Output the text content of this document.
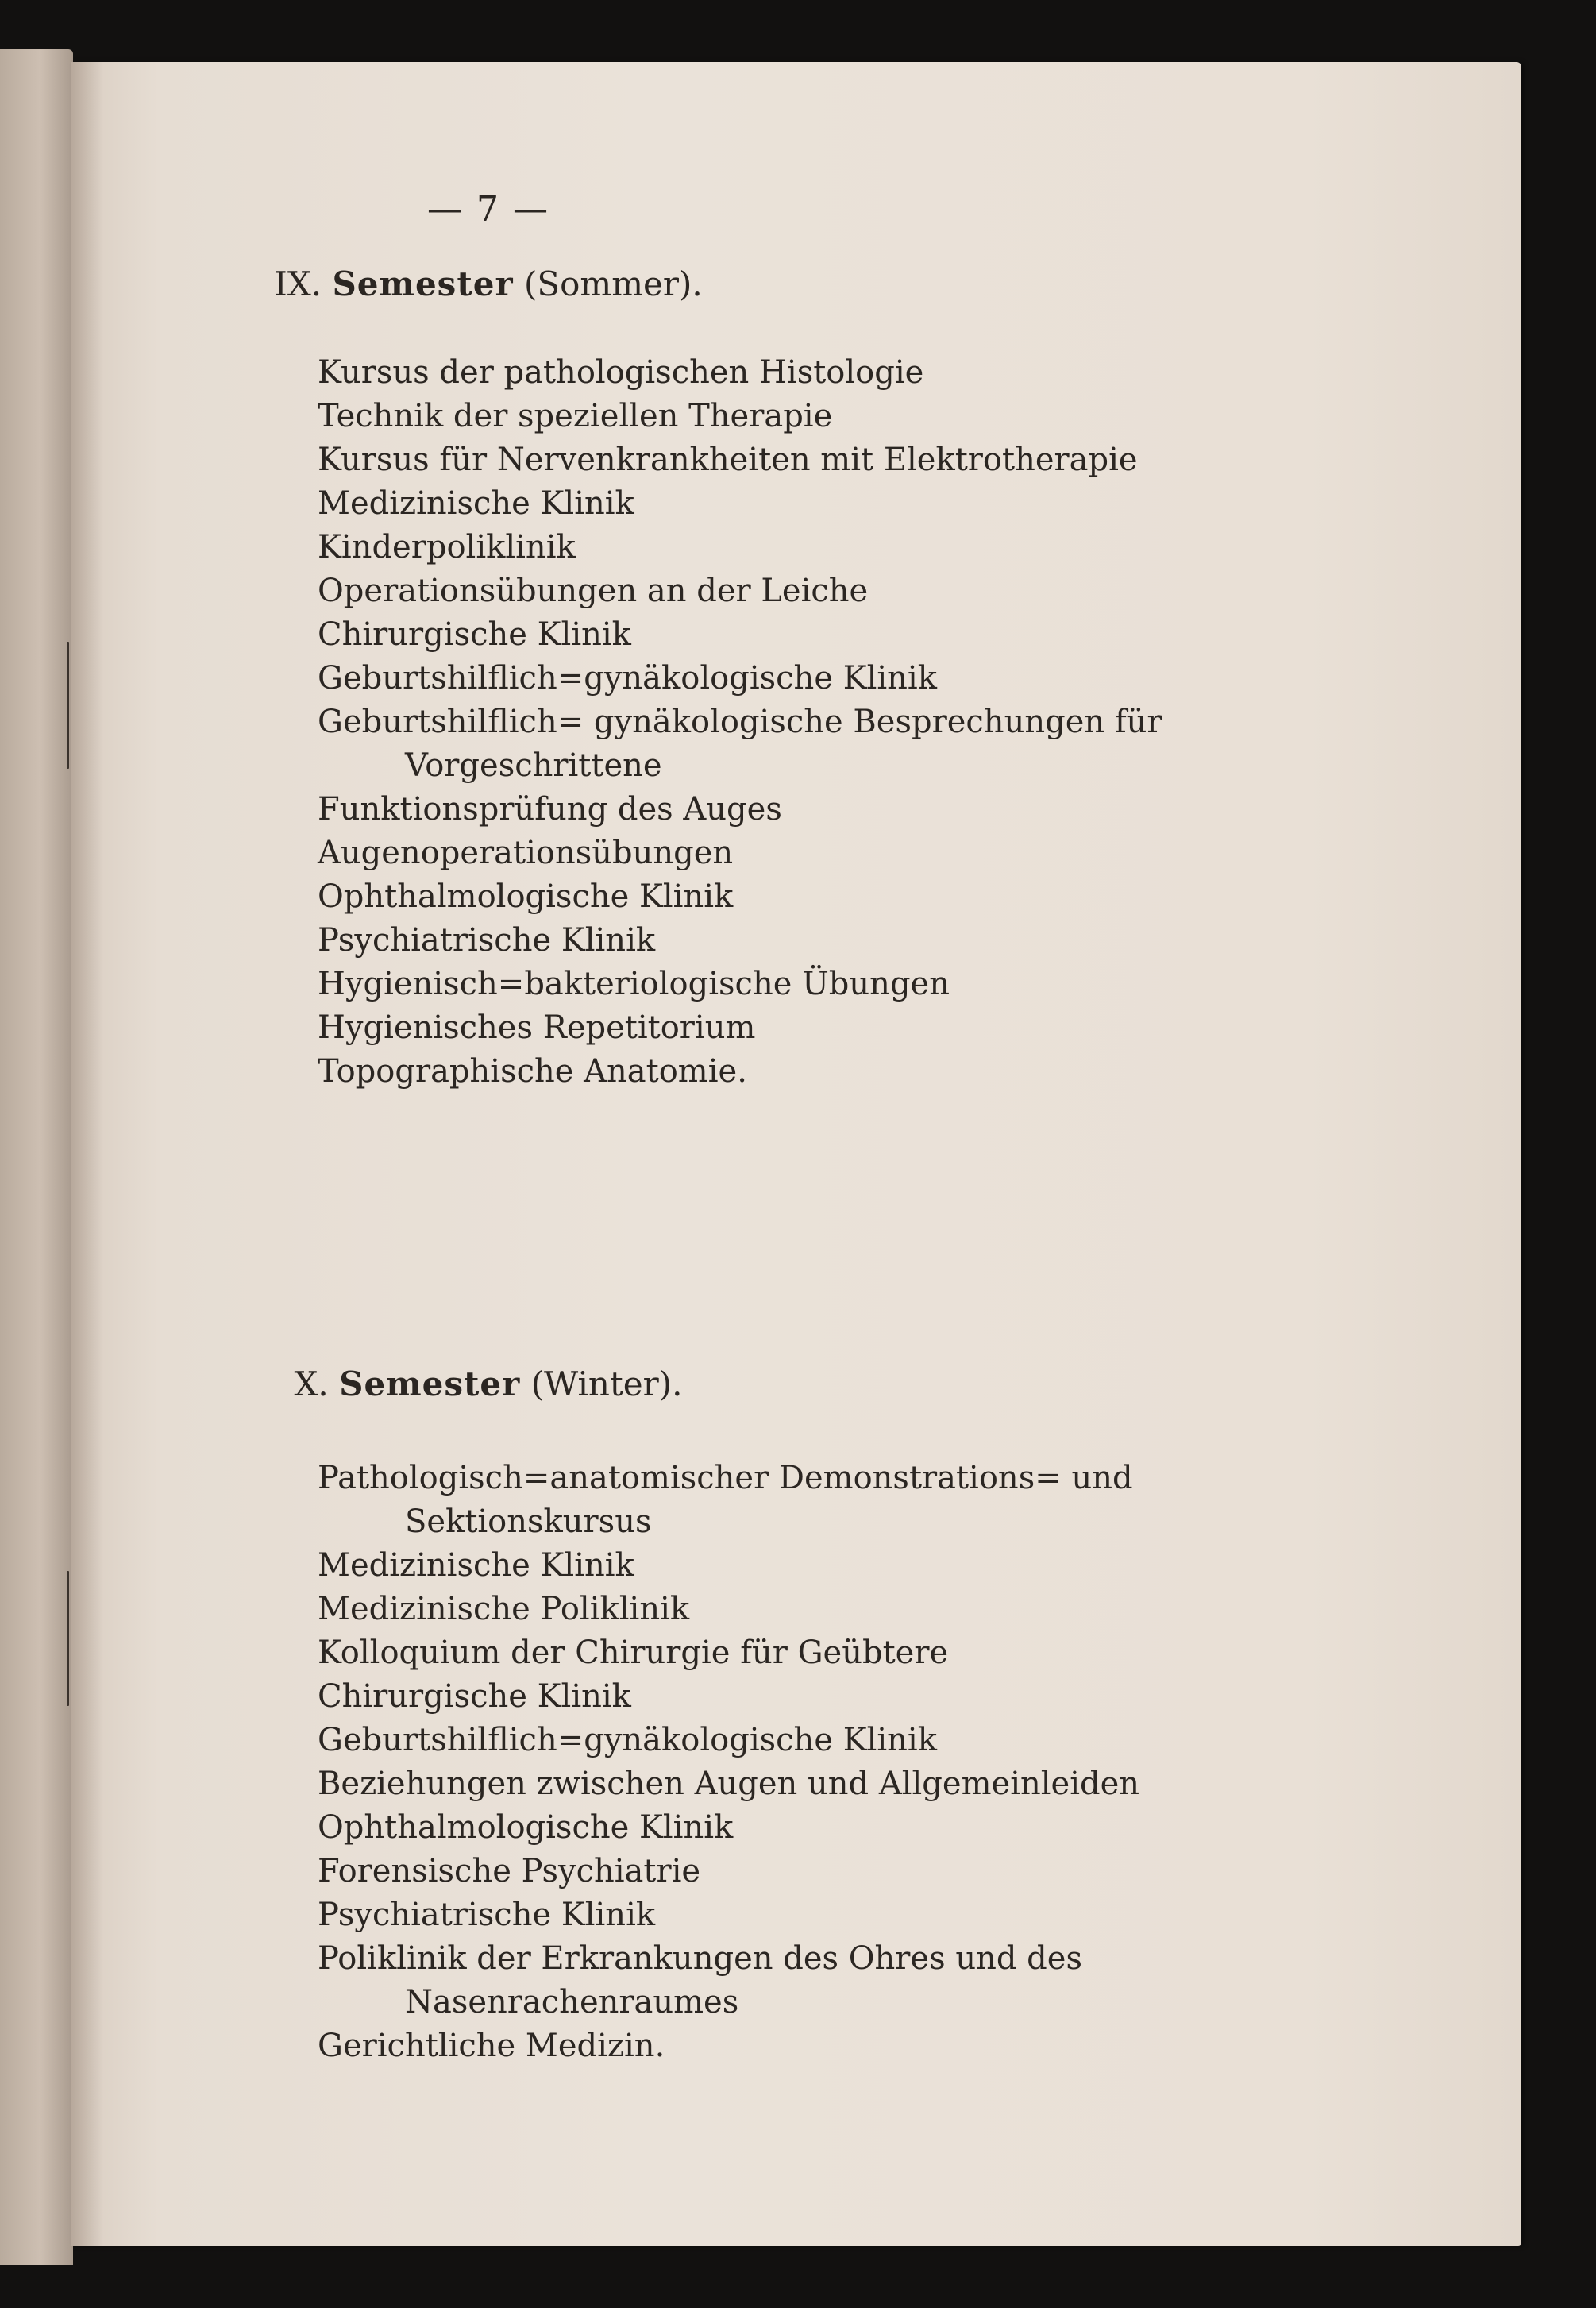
— 7 —
IX. Semester (Sommer).
Kursus der pathologischen Histologie
Technik der speziellen Therapie
Kursus für Nervenkrankheiten mit Elektrotherapie
Medizinische Klinik
Kinderpoliklinik
Operationsübungen an der Leiche
Chirurgische Klinik
Geburtshilflich=gynäkologische Klinik
Geburtshilflich= gynäkologische Besprechungen für
Vorgeschrittene
Funktionsprüfung des Auges
Augenoperationsübungen
Ophthalmologische Klinik
Psychiatrische Klinik
Hygienisch=bakteriologische Übungen
Hygienisches Repetitorium
Topographische Anatomie.
X. Semester (Winter).
Pathologisch=anatomischer Demonstrations= und
Sektionskursus
Medizinische Klinik
Medizinische Poliklinik
Kolloquium der Chirurgie für Geübtere
Chirurgische Klinik
Geburtshilflich=gynäkologische Klinik
Beziehungen zwischen Augen und Allgemeinleiden
Ophthalmologische Klinik
Forensische Psychiatrie
Psychiatrische Klinik
Poliklinik der Erkrankungen des Ohres und des
Nasenrachenraumes
Gerichtliche Medizin.
